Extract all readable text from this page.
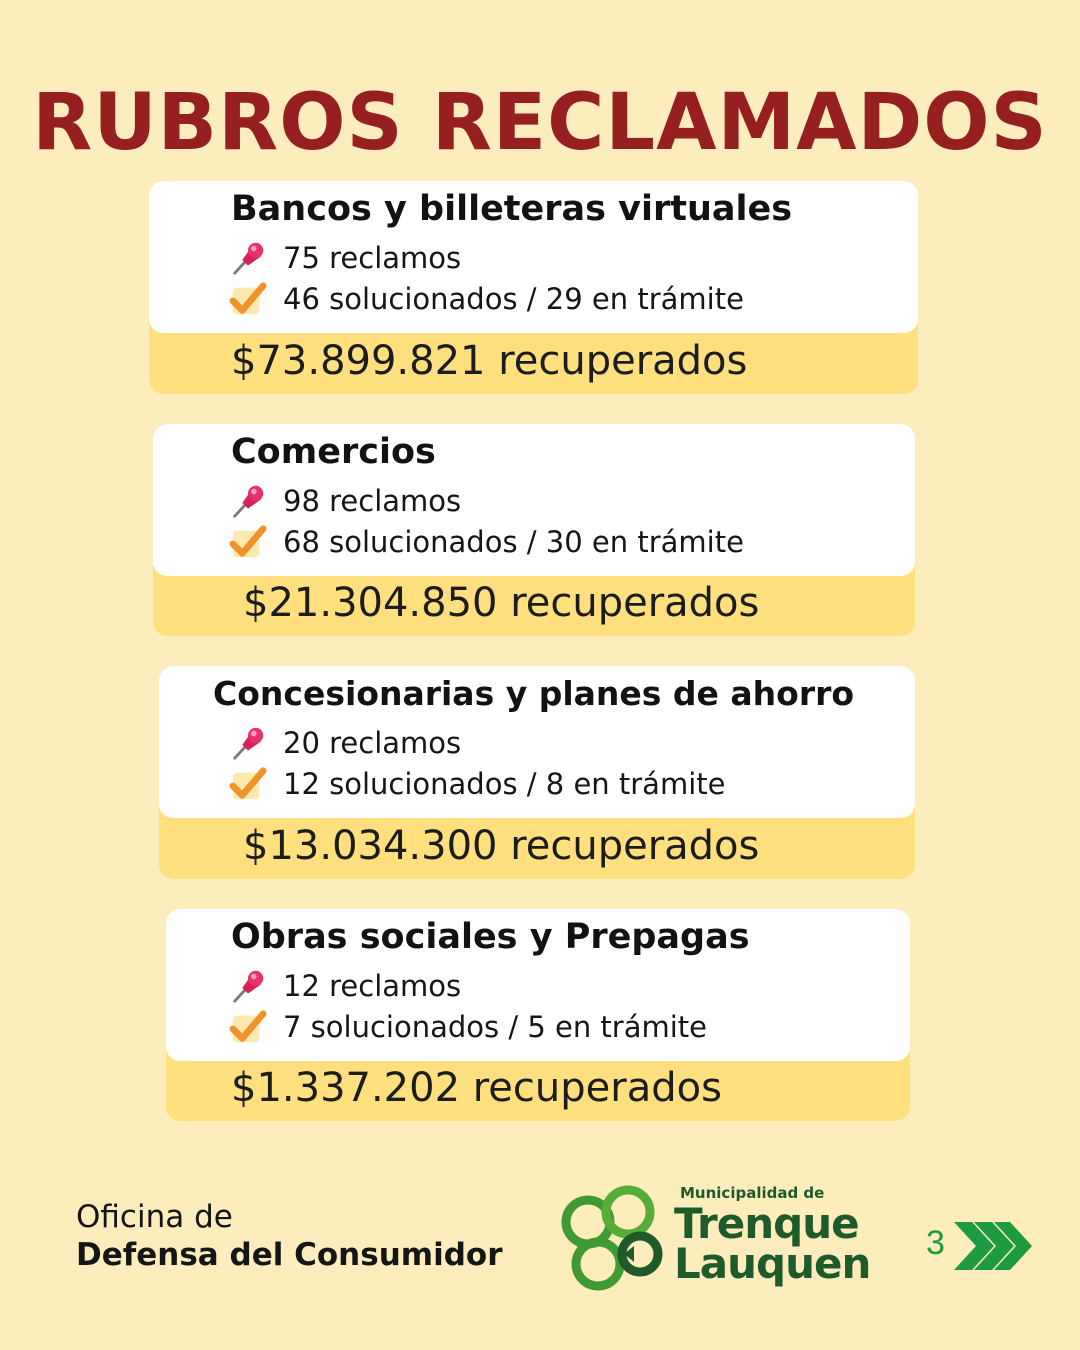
RUBROS RECLAMADOS
Bancos y billeteras virtuales
75 reclamos
46 solucionados / 29 en trámite
$73.899.821 recuperados
Comercios
98 reclamos
68 solucionados / 30 en trámite
$21.304.850 recuperados
Concesionarias y planes de ahorro
20 reclamos
12 solucionados / 8 en trámite
$13.034.300 recuperados
Obras sociales y Prepagas
12 reclamos
7 solucionados / 5 en trámite
$1.337.202 recuperados
Oficina de
Defensa del Consumidor
Municipalidad de
Trenque
Lauquen 3
